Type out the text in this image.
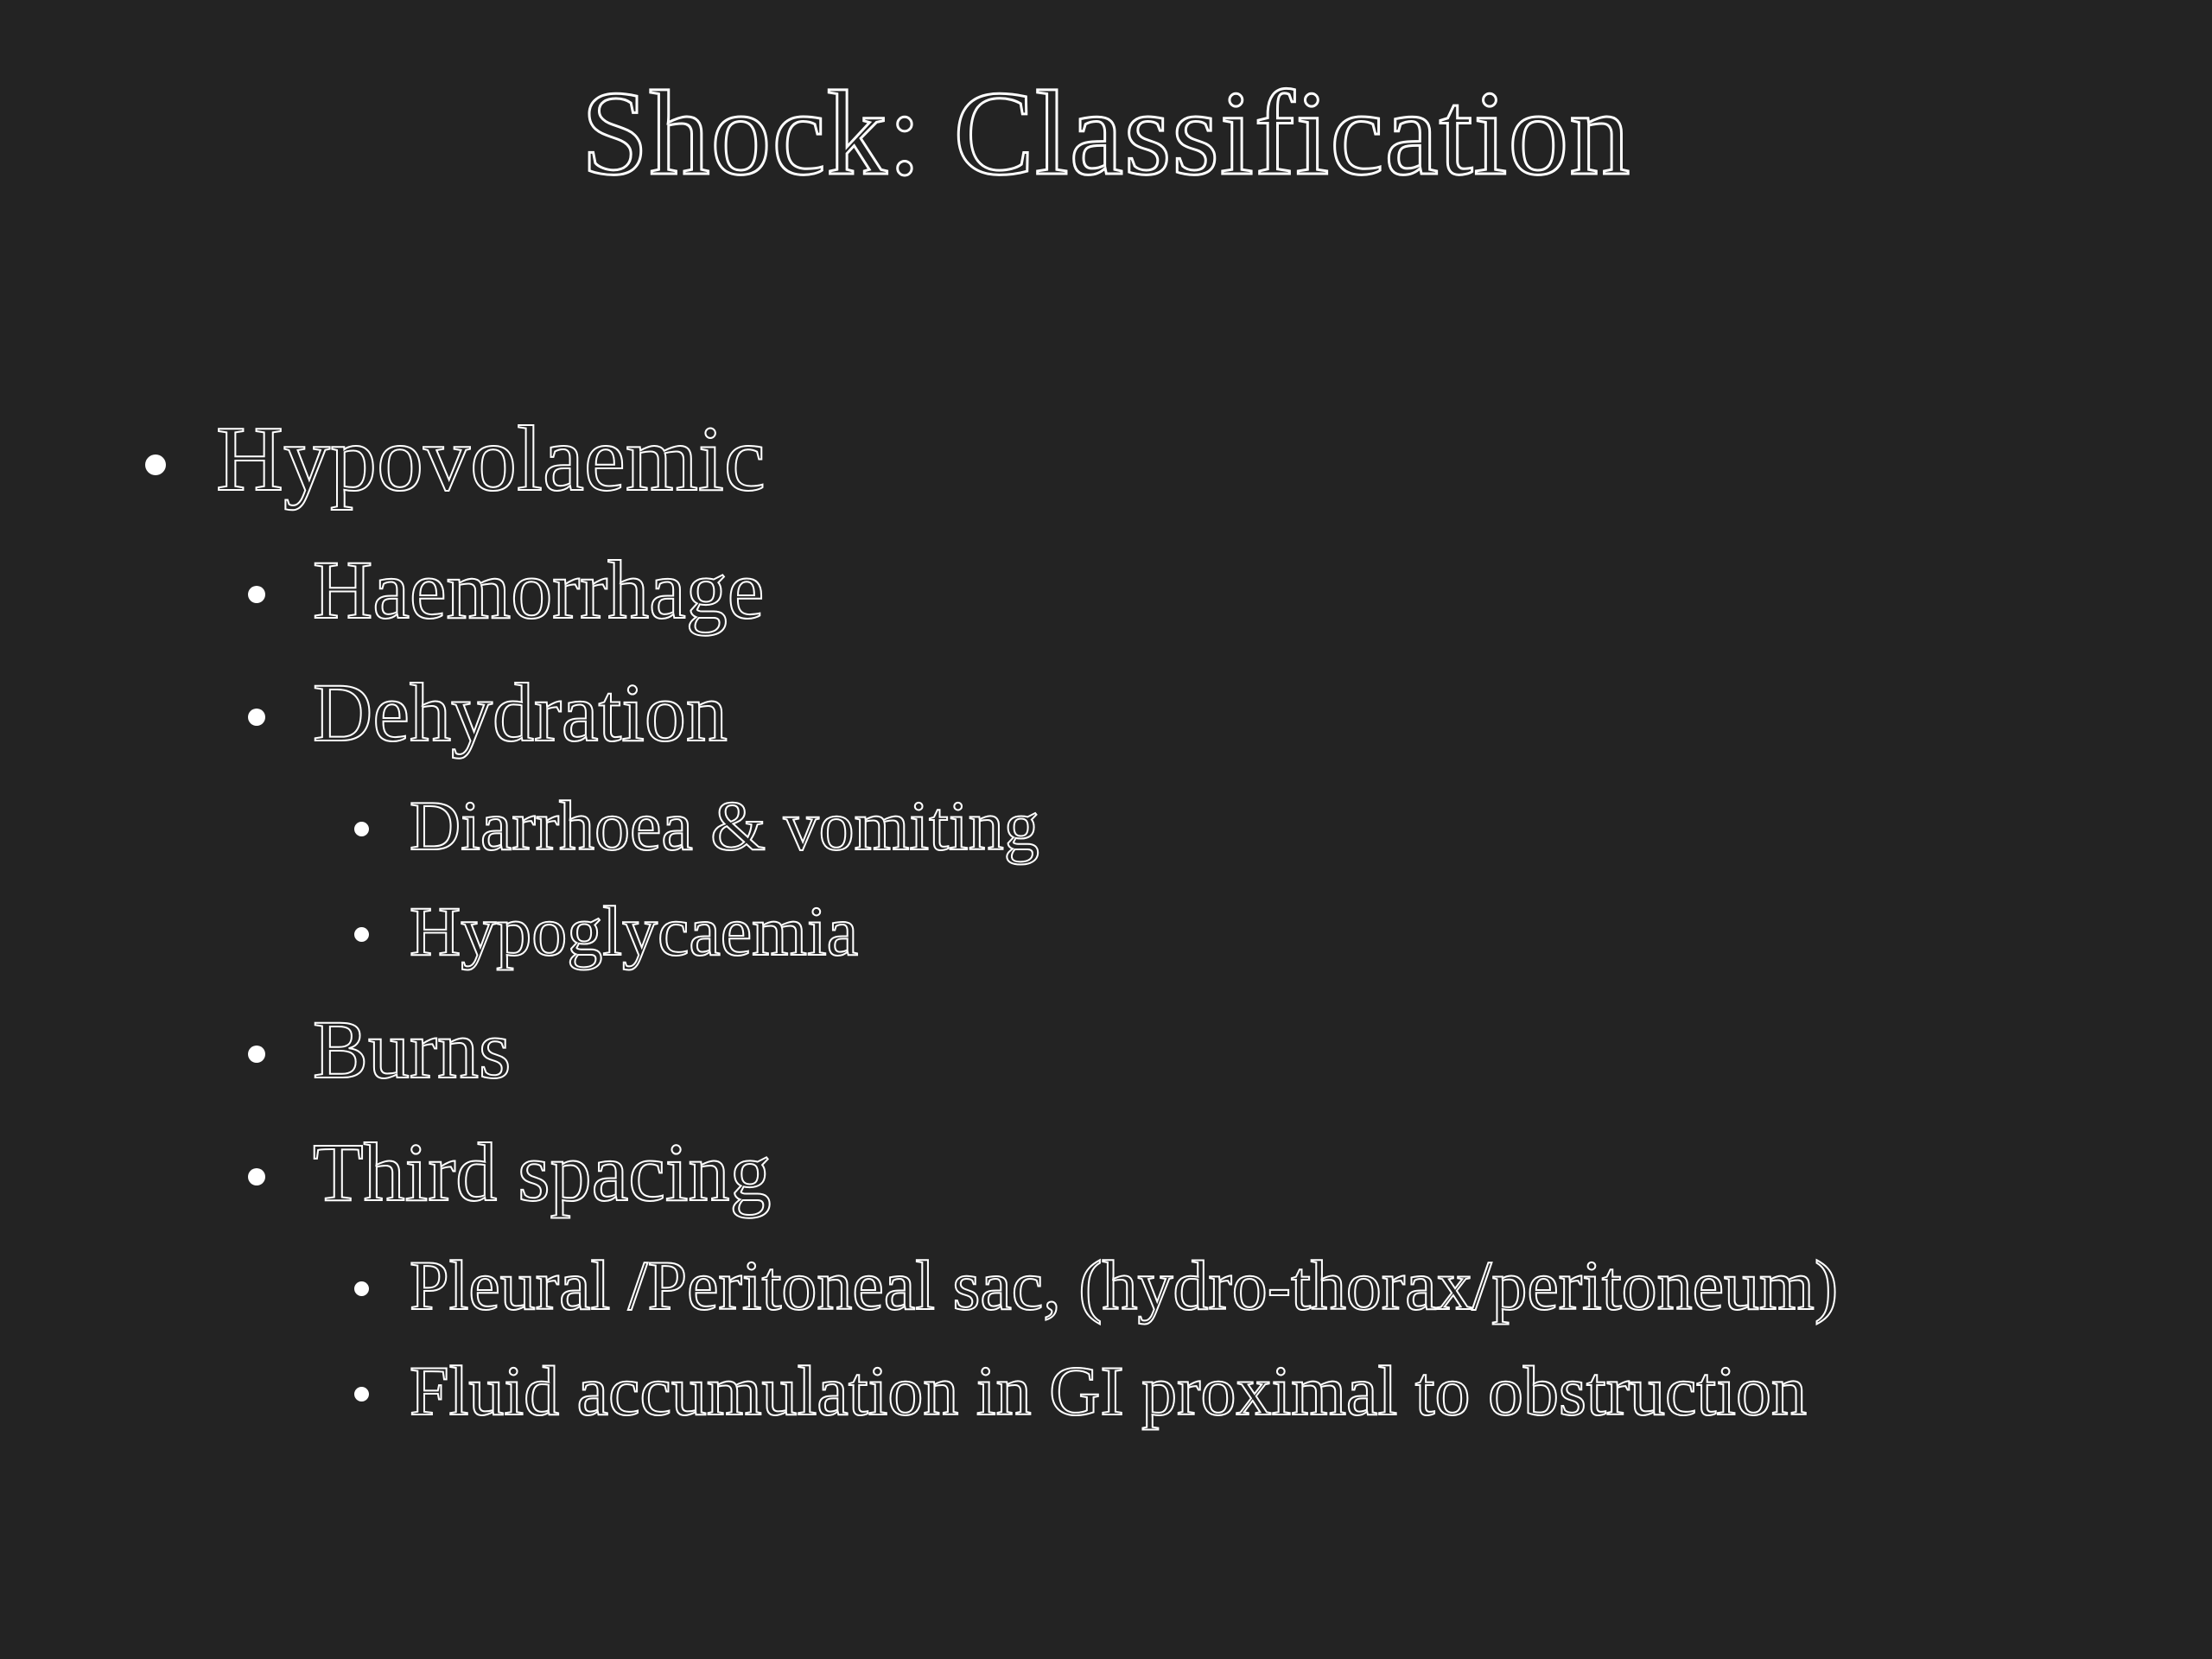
Shock: Classification
Hypovolaemic
Haemorrhage
Dehydration
Diarrhoea & vomiting
Hypoglycaemia
Burns
Third spacing
Pleural /Peritoneal sac, (hydro-thorax/peritoneum)
Fluid accumulation in GI proximal to obstruction
